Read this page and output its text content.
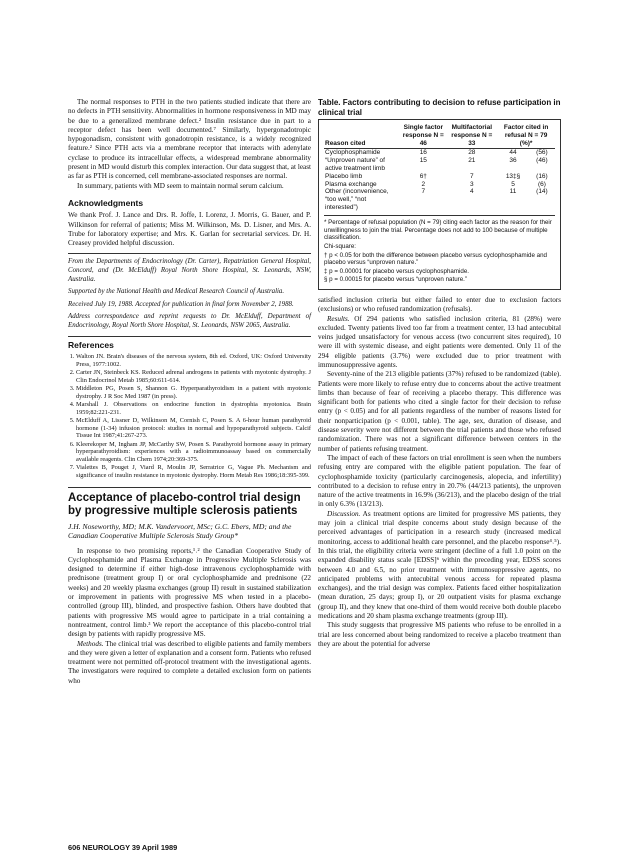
The normal responses to PTH in the two patients studied indicate that there are no defects in PTH sensitivity. Abnormalities in hormone responsiveness in MD may be due to a generalized membrane defect.² Insulin resistance due in part to a receptor defect has been well documented.⁷ Similarly, hypergonadotropic hypogonadism, consistent with gonadotropin resistance, is a widely recognized feature.² Since PTH acts via a membrane receptor that interacts with adenylate cyclase to produce its intracellular effects, a widespread membrane abnormality present in MD would disturb this complex interaction. Our data suggest that, at least as far as PTH is concerned, cell membrane-associated responses are normal.

In summary, patients with MD seem to maintain normal serum calcium.

Acknowledgments

We thank Prof. J. Lance and Drs. R. Joffe, I. Lorenz, J. Morris, G. Bauer, and P. Wilkinson for referral of patients; Miss M. Wilkinson, Ms. D. Lisner, and Mrs. A. Trube for laboratory expertise; and Mrs. K. Garlan for secretarial services. Dr. H. Creasey provided helpful discussion.

From the Departments of Endocrinology (Dr. Carter), Repatriation General Hospital, Concord, and (Dr. McElduff) Royal North Shore Hospital, St. Leonards, NSW, Australia.

Supported by the National Health and Medical Research Council of Australia.

Received July 19, 1988. Accepted for publication in final form November 2, 1988.

Address correspondence and reprint requests to Dr. McElduff, Department of Endocrinology, Royal North Shore Hospital, St. Leonards, NSW 2065, Australia.

References
1. Walton JN. Brain's diseases of the nervous system, 8th ed. Oxford, UK: Oxford University Press, 1977:1002.
2. Carter JN, Steinbeck KS. Reduced adrenal androgens in patients with myotonic dystrophy. J Clin Endocrinol Metab 1985;60:611-614.
3. Middleton PG, Posen S, Shannon G. Hyperparathyroidism in a patient with myotonic dystrophy. J R Soc Med 1987 (in press).
4. Marshall J. Observations on endocrine function in dystrophia myotonica. Brain 1959;82:221-231.
5. McElduff A, Lissner D, Wilkinson M, Cornish C, Posen S. A 6-hour human parathyroid hormone (1-34) infusion protocol: studies in normal and hypoparathyroid subjects. Calcif Tissue Int 1987;41:267-273.
6. Kleerekoper M, Ingham JP, McCarthy SW, Posen S. Parathyroid hormone assay in primary hyperparathyroidism: experiences with a radioimmunoassay based on commercially available reagents. Clin Chem 1974;20:369-375.
7. Vialettes B, Pouget J, Viard R, Moulin JP, Serratrice G, Vague Ph. Mechanism and significance of insulin resistance in myotonic dystrophy. Horm Metab Res 1986;18:395-399.
Acceptance of placebo-control trial design by progressive multiple sclerosis patients
J.H. Noseworthy, MD; M.K. Vandervoort, MSc; G.C. Ebers, MD; and the Canadian Cooperative Multiple Sclerosis Study Group*

In response to two promising reports,¹˒² the Canadian Cooperative Study of Cyclophosphamide and Plasma Exchange in Progressive Multiple Sclerosis was designed to determine if either high-dose intravenous cyclophosphamide with prednisone (treatment group I) or oral cyclophosphamide and prednisone (22 weeks) and 20 weekly plasma exchanges (group II) result in sustained stabilization or improvement in patients with progressive MS when tested in a placebo-controlled (group III), blinded, and prospective fashion. Others have doubted that patients with progressive MS would agree to participate in a trial containing a nontreatment, control limb.³ We report the acceptance of this placebo-control trial design by patients with rapidly progressive MS.

Methods. The clinical trial was described to eligible patients and family members and they were given a letter of explanation and a consent form. Patients who refused treatment were not permitted off-protocol treatment with the investigational agents. The investigators were required to complete a detailed exclusion form on patients who

Table. Factors contributing to decision to refuse participation in clinical trial
Reason cited	Single factor response N = 46	Multifactorial response N = 33	Factor cited in refusal N = 79 (%)*	
Cyclophosphamide	16	28	44	(56)
“Unproven nature” of active treatment limb	15	21	36	(46)
Placebo limb	6†	7	13‡§	(16)
Plasma exchange	2	3	5	(6)
Other (inconvenience, “too well,” “not interested”)	7	4	11	(14)
* Percentage of refusal population (N = 79) citing each factor as the reason for their unwillingness to join the trial. Percentage does not add to 100 because of multiple classification.
Chi-square:
† p < 0.05 for both the difference between placebo versus cyclophosphamide and placebo versus “unproven nature.”
‡ p = 0.00001 for placebo versus cyclophosphamide.
§ p = 0.00015 for placebo versus “unproven nature.”

satisfied inclusion criteria but either failed to enter due to exclusion factors (exclusions) or who refused randomization (refusals).

Results. Of 294 patients who satisfied inclusion criteria, 81 (28%) were excluded. Twenty patients lived too far from a treatment center, 13 had antecubital veins judged unsatisfactory for venous access (two concurrent sites required), 10 were ill with systemic disease, and eight patients were demented. Only 11 of the 294 eligible patients (3.7%) were excluded due to prior treatment with immunosuppressive agents.

Seventy-nine of the 213 eligible patients (37%) refused to be randomized (table). Patients were more likely to refuse entry due to concerns about the active treatment limbs than because of fear of receiving a placebo therapy. This difference was significant both for patients who cited a single factor for their decision to refuse entry (p < 0.05) and for all patients regardless of the number of reasons listed for their nonparticipation (p < 0.001, table). The age, sex, duration of disease, and disease severity were not different between the trial patients and those who refused randomization. There was not a significant difference between centers in the number of patients refusing treatment.

The impact of each of these factors on trial enrollment is seen when the numbers refusing entry are compared with the eligible patient population. The fear of cyclophosphamide toxicity (particularly carcinogenesis, alopecia, and infertility) contributed to a decision to refuse entry in 20.7% (44/213 patients), the unproven nature of the active treatments in 16.9% (36/213), and the placebo design of the trial in only 6.3% (13/213).

Discussion. As treatment options are limited for progressive MS patients, they may join a clinical trial despite concerns about study design because of the perceived advantages of participation in a research study (increased medical monitoring, access to additional health care personnel, and the placebo response⁴˒⁵). In this trial, the eligibility criteria were stringent (decline of a full 1.0 point on the expanded disability status scale [EDSS]⁶ within the preceding year, EDSS scores between 4.0 and 6.5, no prior treatment with immunosuppressive agents, no anticipated problems with antecubital venous access for repeated plasma exchanges), and the trial design was complex. Patients faced either hospitalization (mean duration, 25 days; group I), or 20 outpatient visits for plasma exchange (group II), and they knew that one-third of them would receive both double placebo medications and 20 sham plasma exchange treatments (group III).

This study suggests that progressive MS patients who refuse to be enrolled in a trial are less concerned about being randomized to receive a placebo treatment than they are about the potential for adverse

606 NEUROLOGY 39 April 1989
